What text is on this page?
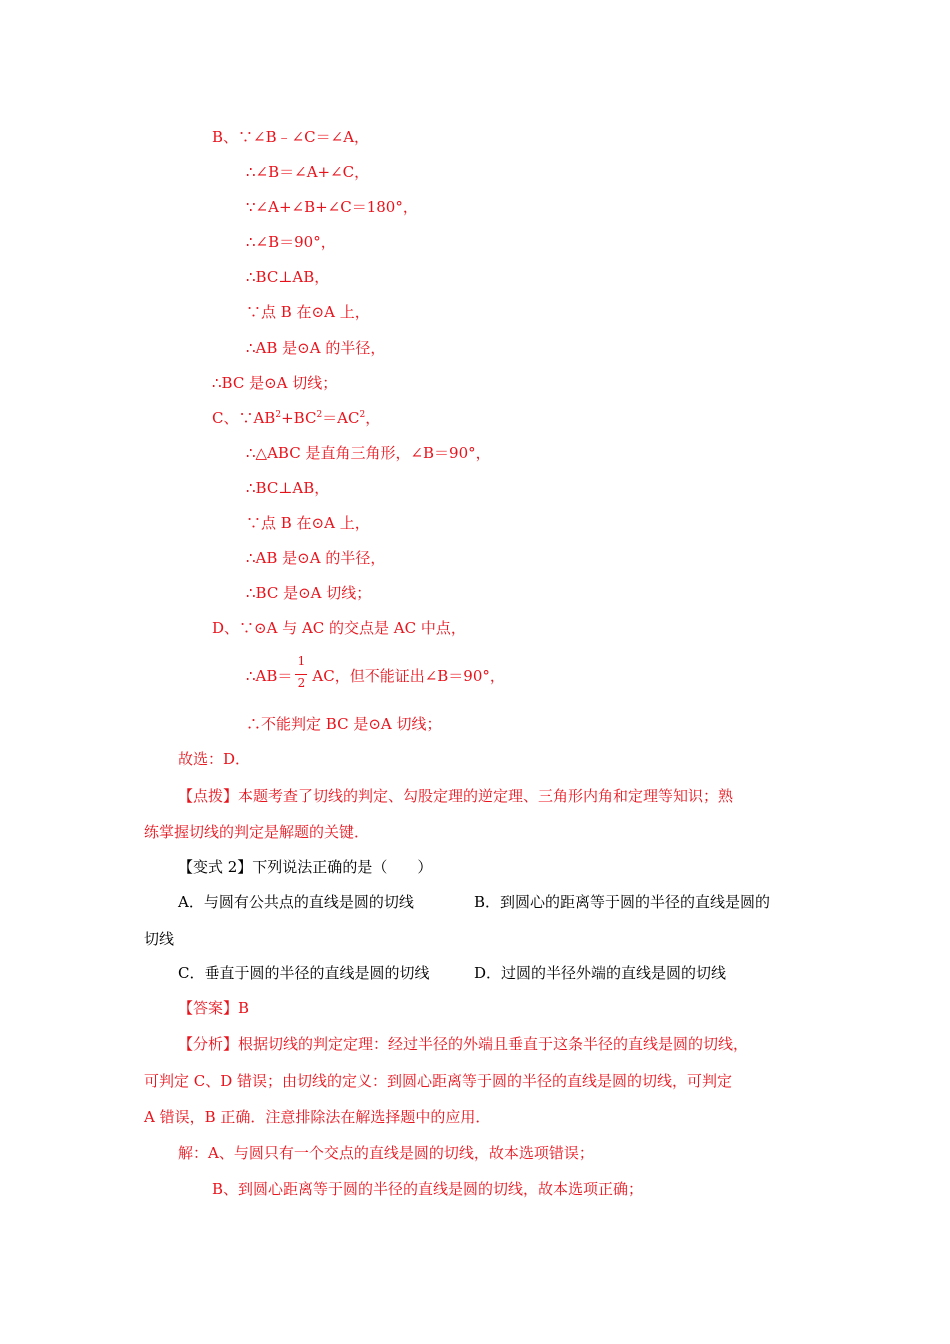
B、∵∠B﹣∠C＝∠A，
∴∠B＝∠A+∠C，
∵∠A+∠B+∠C＝180°，
∴∠B＝90°，
∴BC⊥AB，
∵点 B 在⊙A 上，
∴AB 是⊙A 的半径，
∴BC 是⊙A 切线；
C、$\because AB^2+BC^2=AC^2$，
∴△ABC 是直角三角形，∠B＝90°，
∴BC⊥AB，
∵点 B 在⊙A 上，
∴AB 是⊙A 的半径，
∴BC 是⊙A 切线；
D、∵⊙A 与 AC 的交点是 AC 中点，
∴AB＝ $\frac{1}{2}$ AC，但不能证出∠B＝90°，
∴不能判定 BC 是⊙A 切线；
故选：D．
【点拨】本题考查了切线的判定、勾股定理的逆定理、三角形内角和定理等知识；熟
练掌握切线的判定是解题的关键．
【变式 2】下列说法正确的是（　　）
A．与圆有公共点的直线是圆的切线	B．到圆心的距离等于圆的半径的直线是圆的
切线
C．垂直于圆的半径的直线是圆的切线	D．过圆的半径外端的直线是圆的切线
【答案】B
【分析】根据切线的判定定理：经过半径的外端且垂直于这条半径的直线是圆的切线，
可判定 C、D 错误；由切线的定义：到圆心距离等于圆的半径的直线是圆的切线，可判定
A 错误，B 正确．注意排除法在解选择题中的应用．
解：A、与圆只有一个交点的直线是圆的切线，故本选项错误；
B、到圆心距离等于圆的半径的直线是圆的切线，故本选项正确；
